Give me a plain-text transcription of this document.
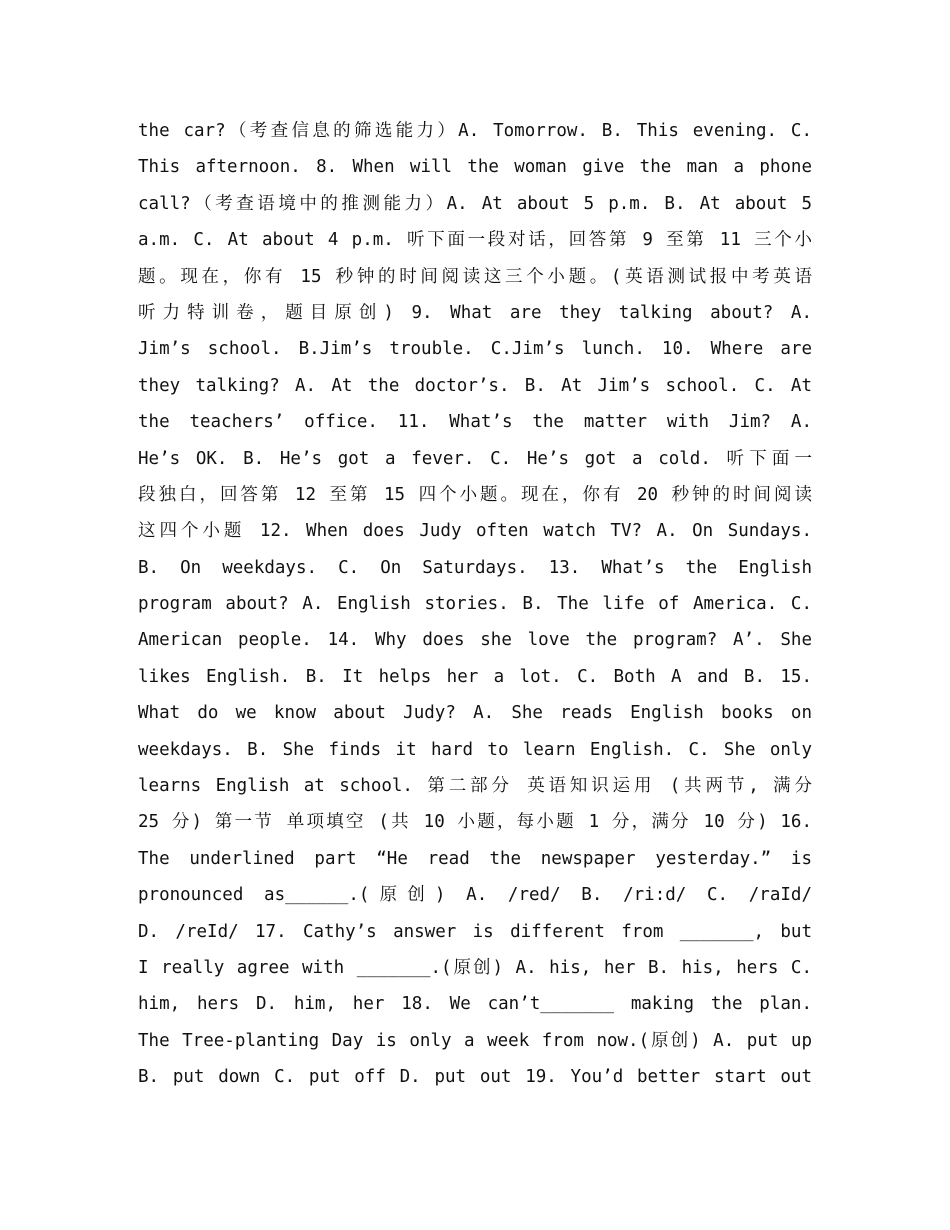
the car?（考查信息的筛选能力）A. Tomorrow. B. This evening. C.
This afternoon. 8. When will the woman give the man a phone
call?（考查语境中的推测能力）A. At about 5 p.m. B. At about 5
a.m. C. At about 4 p.m. 听下面一段对话，回答第 9 至第 11 三个小
题。现在，你有 15 秒钟的时间阅读这三个小题。(英语测试报中考英语
听力特训卷，题目原创) 9. What are they talking about? A.
Jim’s school. B.Jim’s trouble. C.Jim’s lunch. 10. Where are
they talking? A. At the doctor’s. B. At Jim’s school. C. At
the teachers’ office. 11. What’s the matter with Jim? A.
He’s OK. B. He’s got a fever. C. He’s got a cold. 听下面一
段独白，回答第 12 至第 15 四个小题。现在，你有 20 秒钟的时间阅读
这四个小题 12. When does Judy often watch TV? A. On Sundays.
B. On weekdays. C. On Saturdays. 13. What’s the English
program about? A. English stories. B. The life of America. C.
American people. 14. Why does she love the program? A’. She
likes English. B. It helps her a lot. C. Both A and B. 15.
What do we know about Judy? A. She reads English books on
weekdays. B. She finds it hard to learn English. C. She only
learns English at school. 第二部分 英语知识运用 (共两节, 满分
25 分) 第一节 单项填空 (共 10 小题，每小题 1 分，满分 10 分) 16.
The underlined part “He read the newspaper yesterday.” is
pronounced as______.(原创) A. /red/ B. /ri:d/ C. /raId/
D. /reId/ 17. Cathy’s answer is different from _______, but
I really agree with _______.(原创) A. his, her B. his, hers C.
him, hers D. him, her 18. We can’t_______ making the plan.
The Tree-planting Day is only a week from now.(原创) A. put up
B. put down C. put off D. put out 19. You’d better start out
